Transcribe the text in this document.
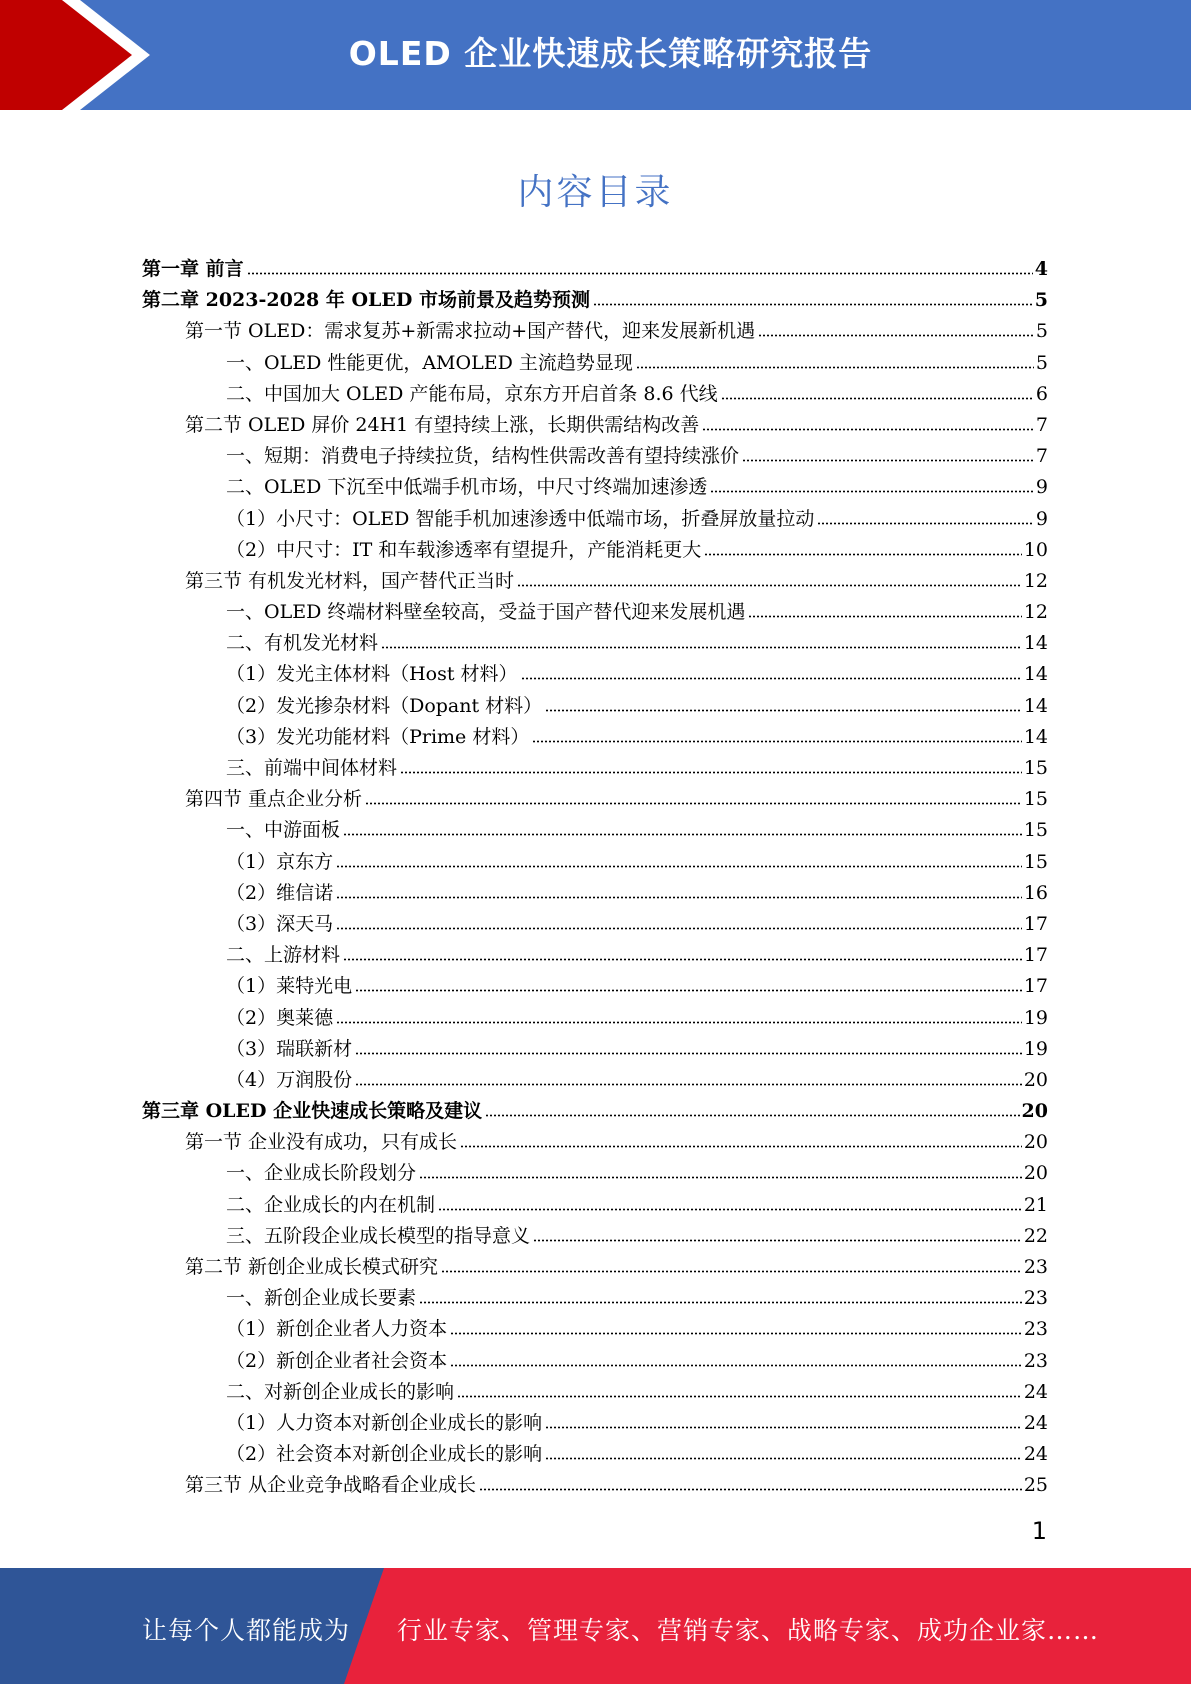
OLED 企业快速成长策略研究报告
内容目录
第一章 前言	4
第二章 2023-2028 年 OLED 市场前景及趋势预测	5
第一节 OLED：需求复苏+新需求拉动+国产替代，迎来发展新机遇	5
一、OLED 性能更优，AMOLED 主流趋势显现	5
二、中国加大 OLED 产能布局，京东方开启首条 8.6 代线	6
第二节 OLED 屏价 24H1 有望持续上涨，长期供需结构改善	7
一、短期：消费电子持续拉货，结构性供需改善有望持续涨价	7
二、OLED 下沉至中低端手机市场，中尺寸终端加速渗透	9
（1）小尺寸：OLED 智能手机加速渗透中低端市场，折叠屏放量拉动	9
（2）中尺寸：IT 和车载渗透率有望提升，产能消耗更大	10
第三节 有机发光材料，国产替代正当时	12
一、OLED 终端材料壁垒较高，受益于国产替代迎来发展机遇	12
二、有机发光材料	14
（1）发光主体材料（Host 材料）	14
（2）发光掺杂材料（Dopant 材料）	14
（3）发光功能材料（Prime 材料）	14
三、前端中间体材料	15
第四节 重点企业分析	15
一、中游面板	15
（1）京东方	15
（2）维信诺	16
（3）深天马	17
二、上游材料	17
（1）莱特光电	17
（2）奥莱德	19
（3）瑞联新材	19
（4）万润股份	20
第三章 OLED 企业快速成长策略及建议	20
第一节 企业没有成功，只有成长	20
一、企业成长阶段划分	20
二、企业成长的内在机制	21
三、五阶段企业成长模型的指导意义	22
第二节 新创企业成长模式研究	23
一、新创企业成长要素	23
（1）新创企业者人力资本	23
（2）新创企业者社会资本	23
二、对新创企业成长的影响	24
（1）人力资本对新创企业成长的影响	24
（2）社会资本对新创企业成长的影响	24
第三节 从企业竞争战略看企业成长	25
1
让每个人都能成为 行业专家、管理专家、营销专家、战略专家、成功企业家……
